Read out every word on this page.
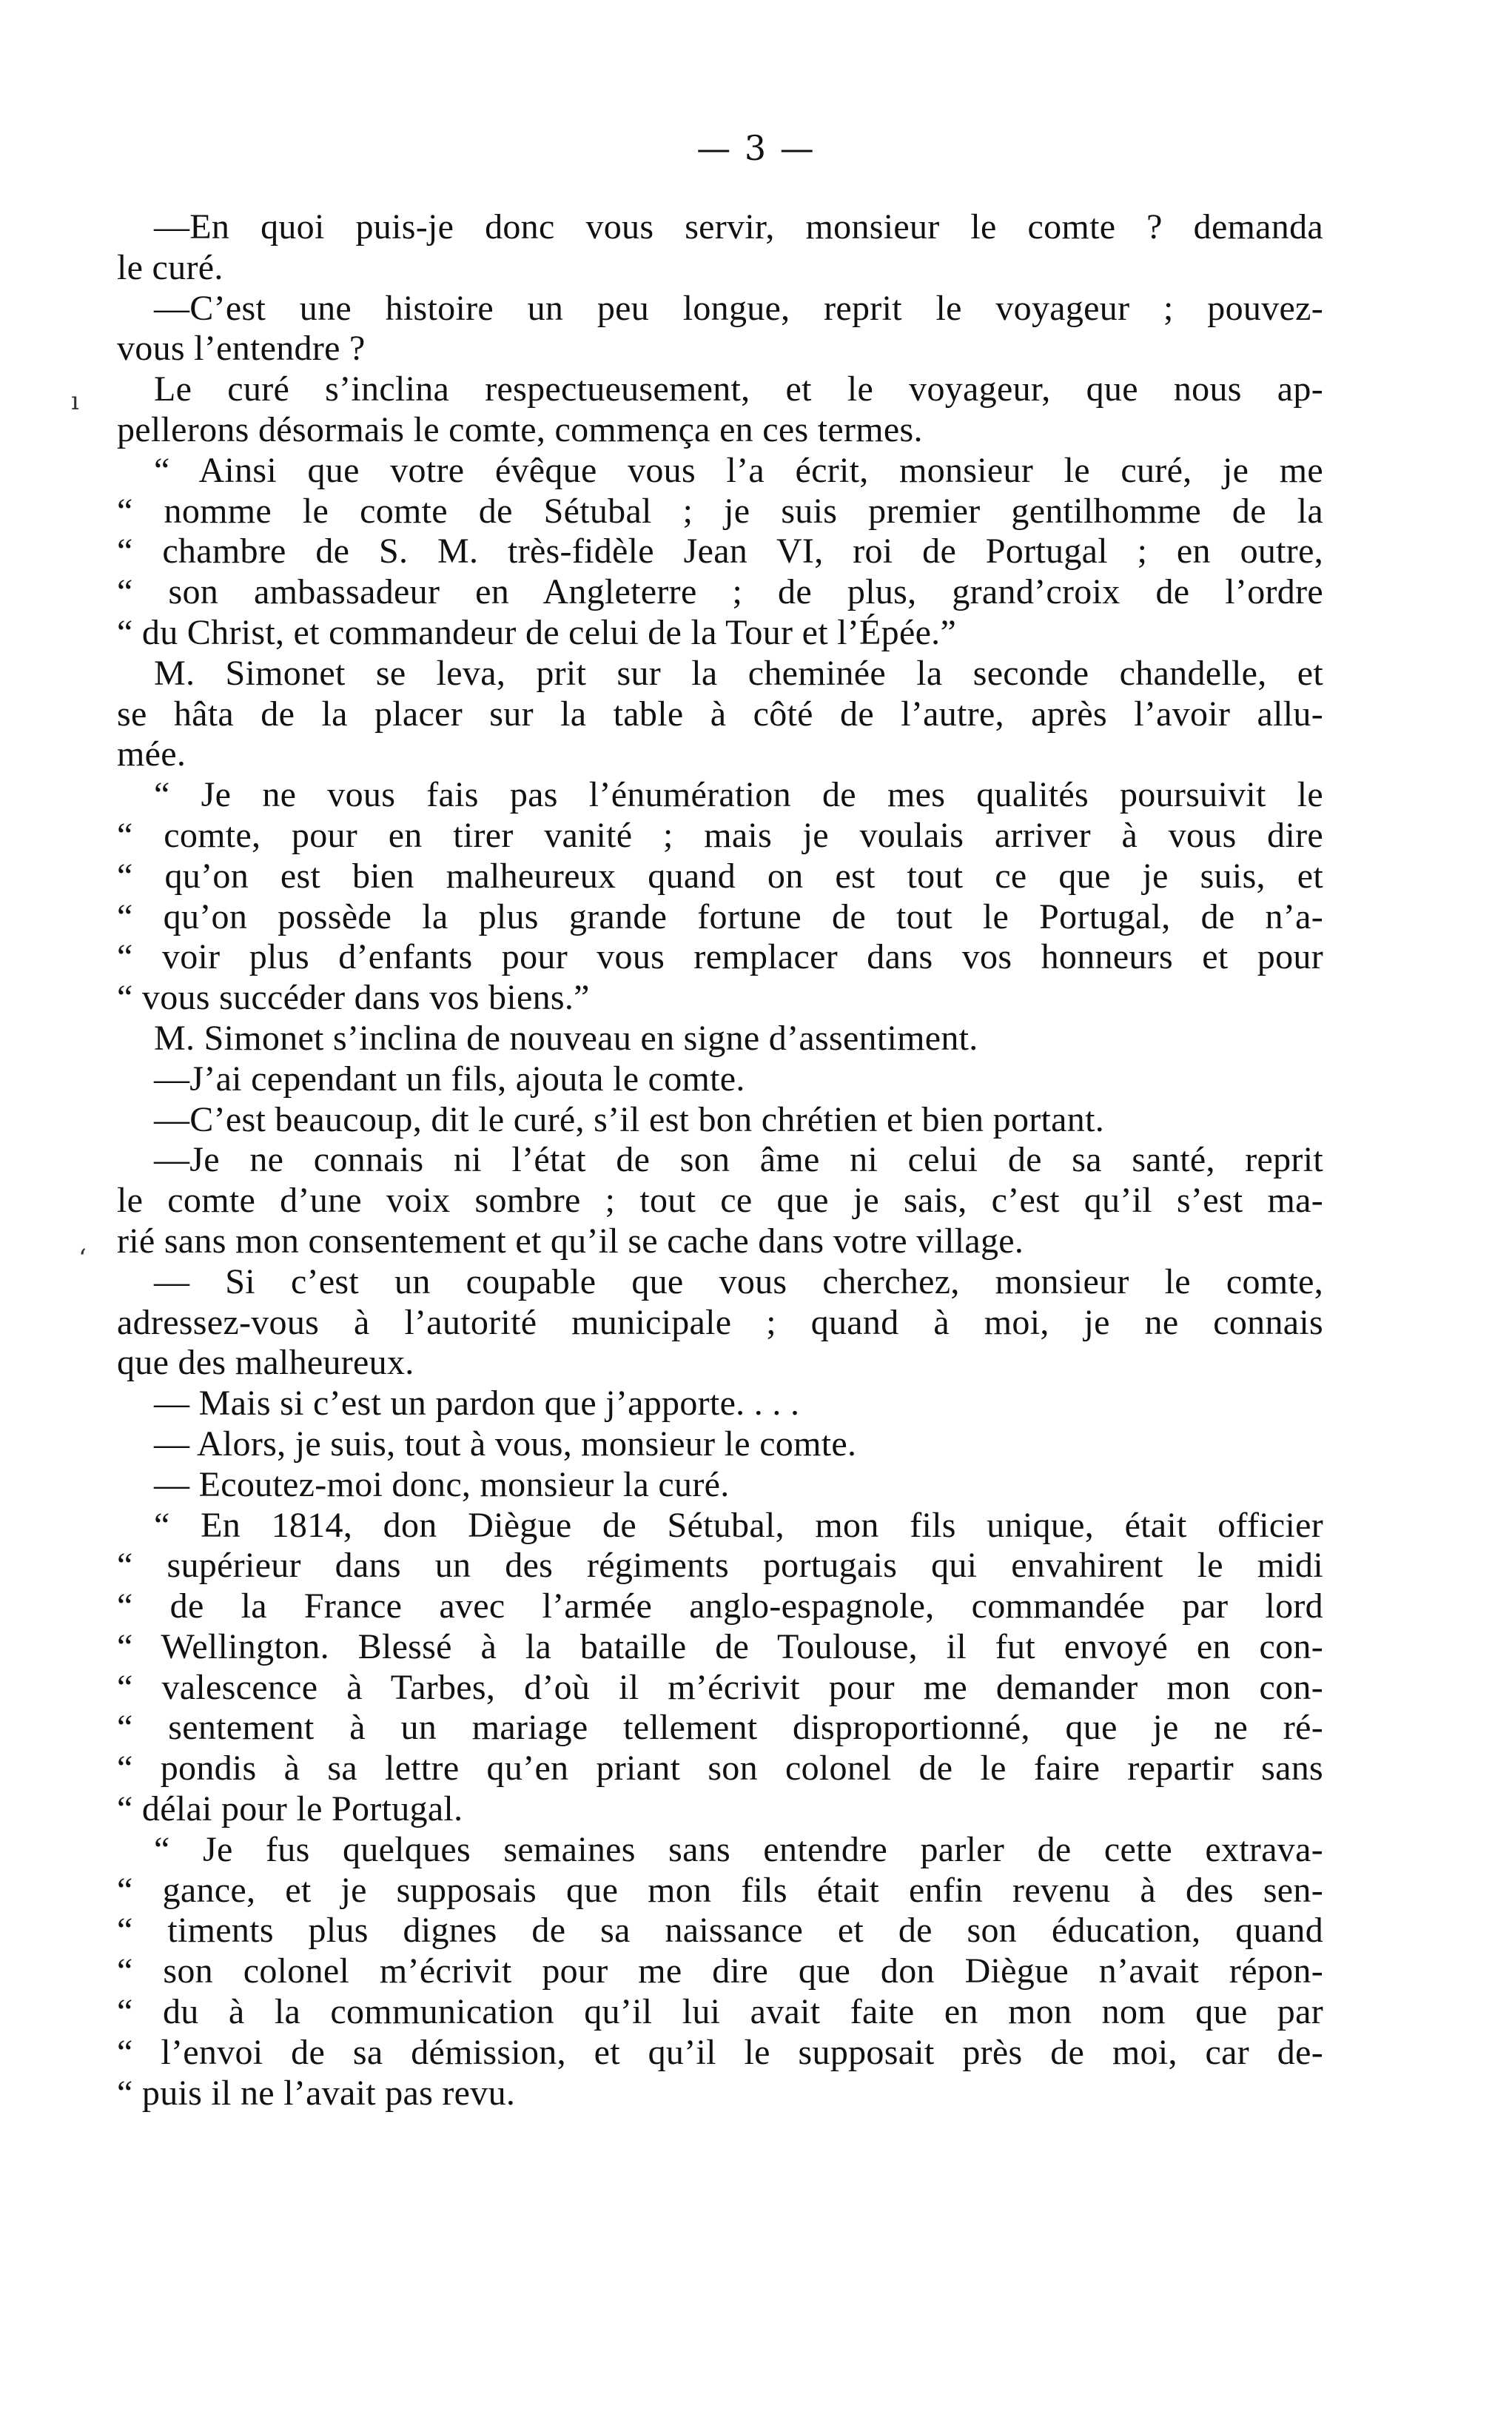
— 3 —
ı
ʻ
—En quoi puis-je donc vous servir, monsieur le comte ? demanda
le curé.
—C’est une histoire un peu longue, reprit le voyageur ; pouvez-
vous l’entendre ?
Le curé s’inclina respectueusement, et le voyageur, que nous ap-
pellerons désormais le comte, commença en ces termes.
“ Ainsi que votre évêque vous l’a écrit, monsieur le curé, je me
“ nomme le comte de Sétubal ; je suis premier gentilhomme de la
“ chambre de S. M. très-fidèle Jean VI, roi de Portugal ; en outre,
“ son ambassadeur en Angleterre ; de plus, grand’croix de l’ordre
“ du Christ, et commandeur de celui de la Tour et l’Épée.”
M. Simonet se leva, prit sur la cheminée la seconde chandelle, et
se hâta de la placer sur la table à côté de l’autre, après l’avoir allu-
mée.
“ Je ne vous fais pas l’énumération de mes qualités poursuivit le
“ comte, pour en tirer vanité ; mais je voulais arriver à vous dire
“ qu’on est bien malheureux quand on est tout ce que je suis, et
“ qu’on possède la plus grande fortune de tout le Portugal, de n’a-
“ voir plus d’enfants pour vous remplacer dans vos honneurs et pour
“ vous succéder dans vos biens.”
M. Simonet s’inclina de nouveau en signe d’assentiment.
—J’ai cependant un fils, ajouta le comte.
—C’est beaucoup, dit le curé, s’il est bon chrétien et bien portant.
—Je ne connais ni l’état de son âme ni celui de sa santé, reprit
le comte d’une voix sombre ; tout ce que je sais, c’est qu’il s’est ma-
rié sans mon consentement et qu’il se cache dans votre village.
— Si c’est un coupable que vous cherchez, monsieur le comte,
adressez-vous à l’autorité municipale ; quand à moi, je ne connais
que des malheureux.
— Mais si c’est un pardon que j’apporte. . . .
— Alors, je suis, tout à vous, monsieur le comte.
— Ecoutez-moi donc, monsieur la curé.
“ En 1814, don Diègue de Sétubal, mon fils unique, était officier
“ supérieur dans un des régiments portugais qui envahirent le midi
“ de la France avec l’armée anglo-espagnole, commandée par lord
“ Wellington. Blessé à la bataille de Toulouse, il fut envoyé en con-
“ valescence à Tarbes, d’où il m’écrivit pour me demander mon con-
“ sentement à un mariage tellement disproportionné, que je ne ré-
“ pondis à sa lettre qu’en priant son colonel de le faire repartir sans
“ délai pour le Portugal.
“ Je fus quelques semaines sans entendre parler de cette extrava-
“ gance, et je supposais que mon fils était enfin revenu à des sen-
“ timents plus dignes de sa naissance et de son éducation, quand
“ son colonel m’écrivit pour me dire que don Diègue n’avait répon-
“ du à la communication qu’il lui avait faite en mon nom que par
“ l’envoi de sa démission, et qu’il le supposait près de moi, car de-
“ puis il ne l’avait pas revu.
